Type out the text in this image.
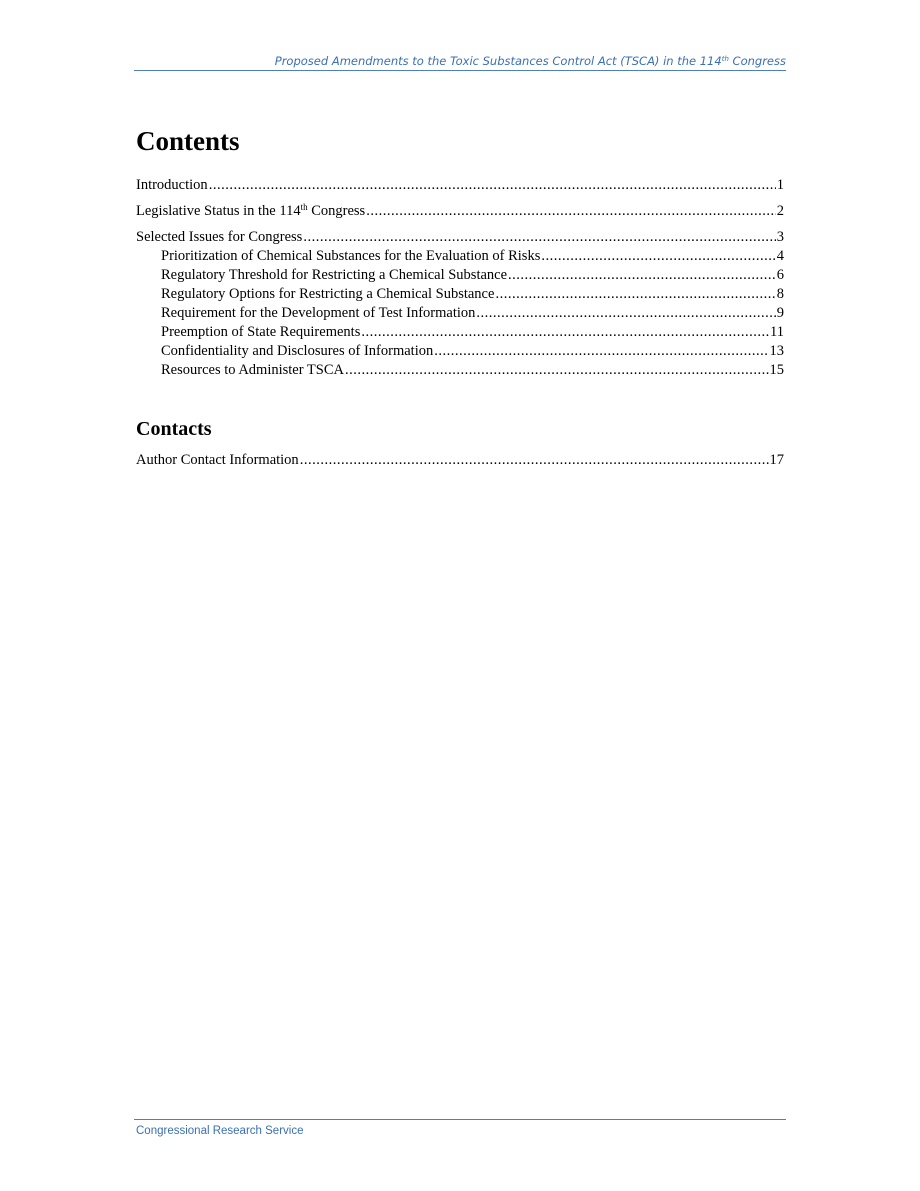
Proposed Amendments to the Toxic Substances Control Act (TSCA) in the 114th Congress
Contents
Introduction .....	1
Legislative Status in the 114th Congress .....	2
Selected Issues for Congress .....	3
Prioritization of Chemical Substances for the Evaluation of Risks .....	4
Regulatory Threshold for Restricting a Chemical Substance .....	6
Regulatory Options for Restricting a Chemical Substance .....	8
Requirement for the Development of Test Information .....	9
Preemption of State Requirements .....	11
Confidentiality and Disclosures of Information .....	13
Resources to Administer TSCA .....	15
Contacts
Author Contact Information .....	17
Congressional Research Service
